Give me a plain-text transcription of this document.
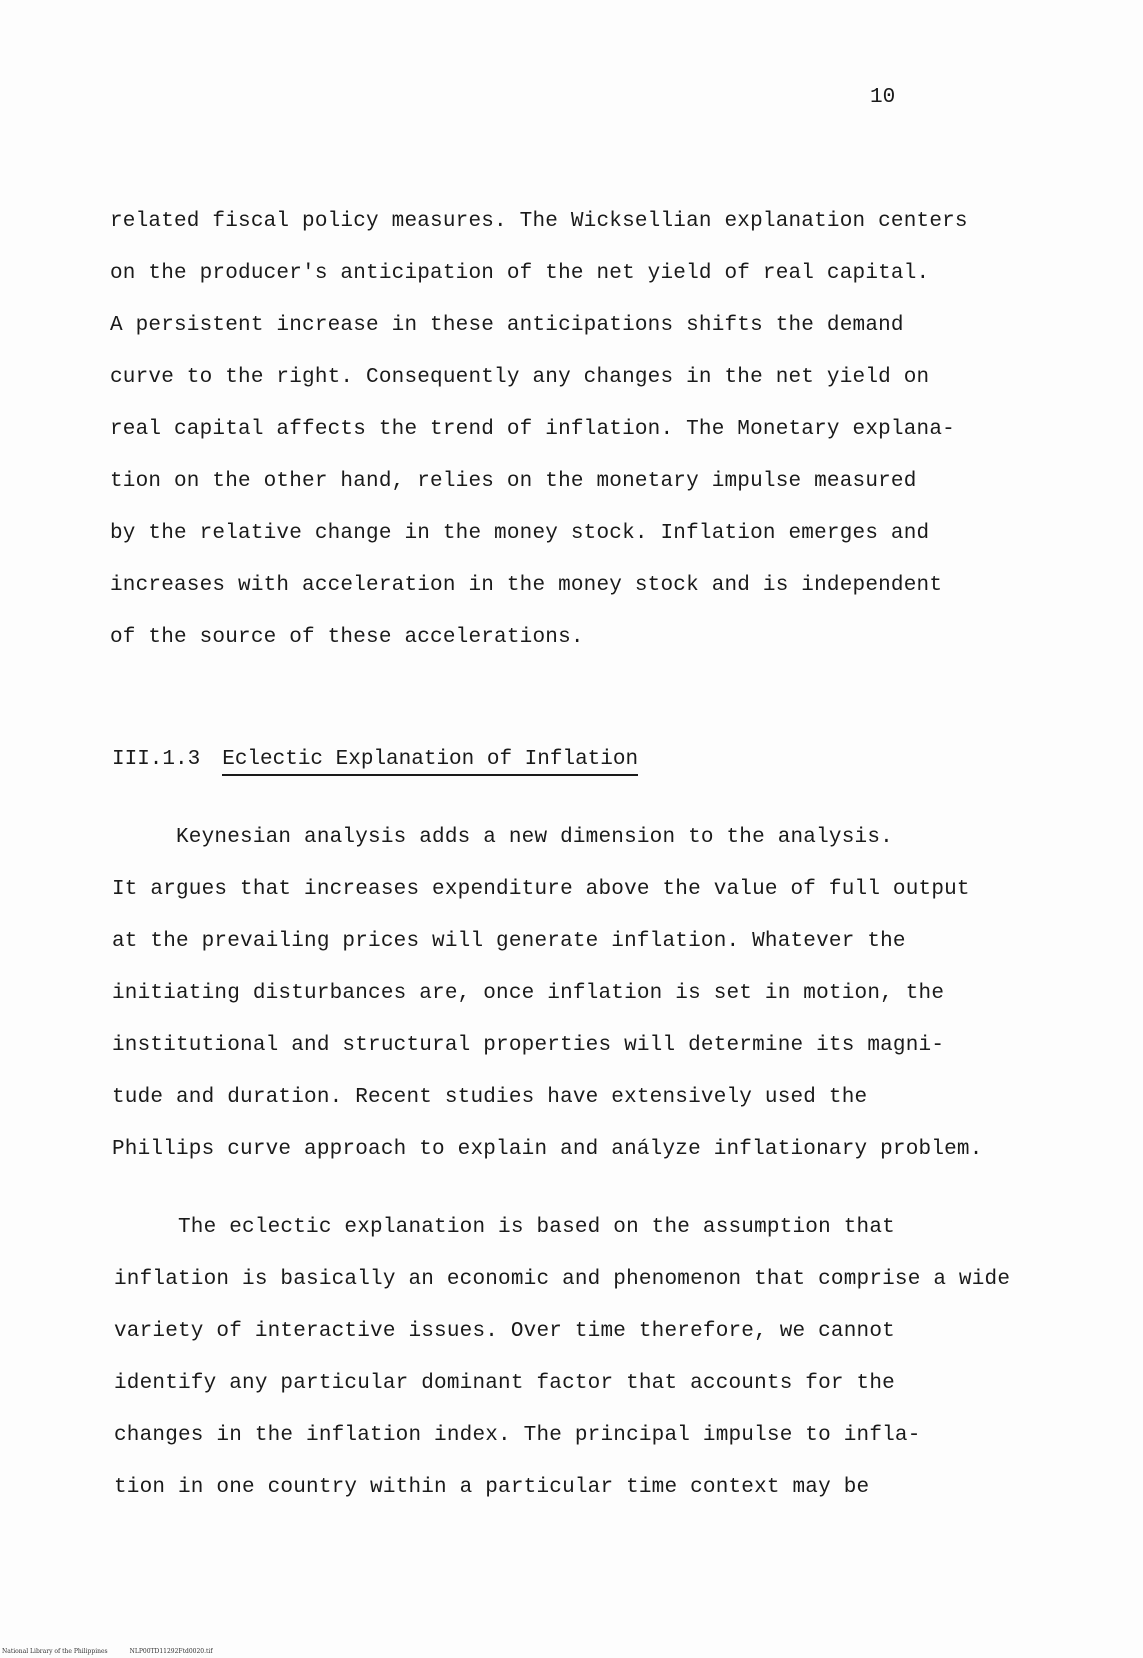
10
related fiscal policy measures. The Wicksellian explanation centers
on the producer's anticipation of the net yield of real capital.
A persistent increase in these anticipations shifts the demand
curve to the right. Consequently any changes in the net yield on
real capital affects the trend of inflation. The Monetary explana-
tion on the other hand, relies on the monetary impulse measured
by the relative change in the money stock. Inflation emerges and
increases with acceleration in the money stock and is independent
of the source of these accelerations.
III.1.3 Eclectic Explanation of Inflation
Keynesian analysis adds a new dimension to the analysis.
It argues that increases expenditure above the value of full output
at the prevailing prices will generate inflation. Whatever the
initiating disturbances are, once inflation is set in motion, the
institutional and structural properties will determine its magni-
tude and duration. Recent studies have extensively used the
Phillips curve approach to explain and anályze inflationary problem.
The eclectic explanation is based on the assumption that
inflation is basically an economic and phenomenon that comprise a wide
variety of interactive issues. Over time therefore, we cannot
identify any particular dominant factor that accounts for the
changes in the inflation index. The principal impulse to infla-
tion in one country within a particular time context may be
National Library of the Philippines	NLP00TD11292Ftd0020.tif
